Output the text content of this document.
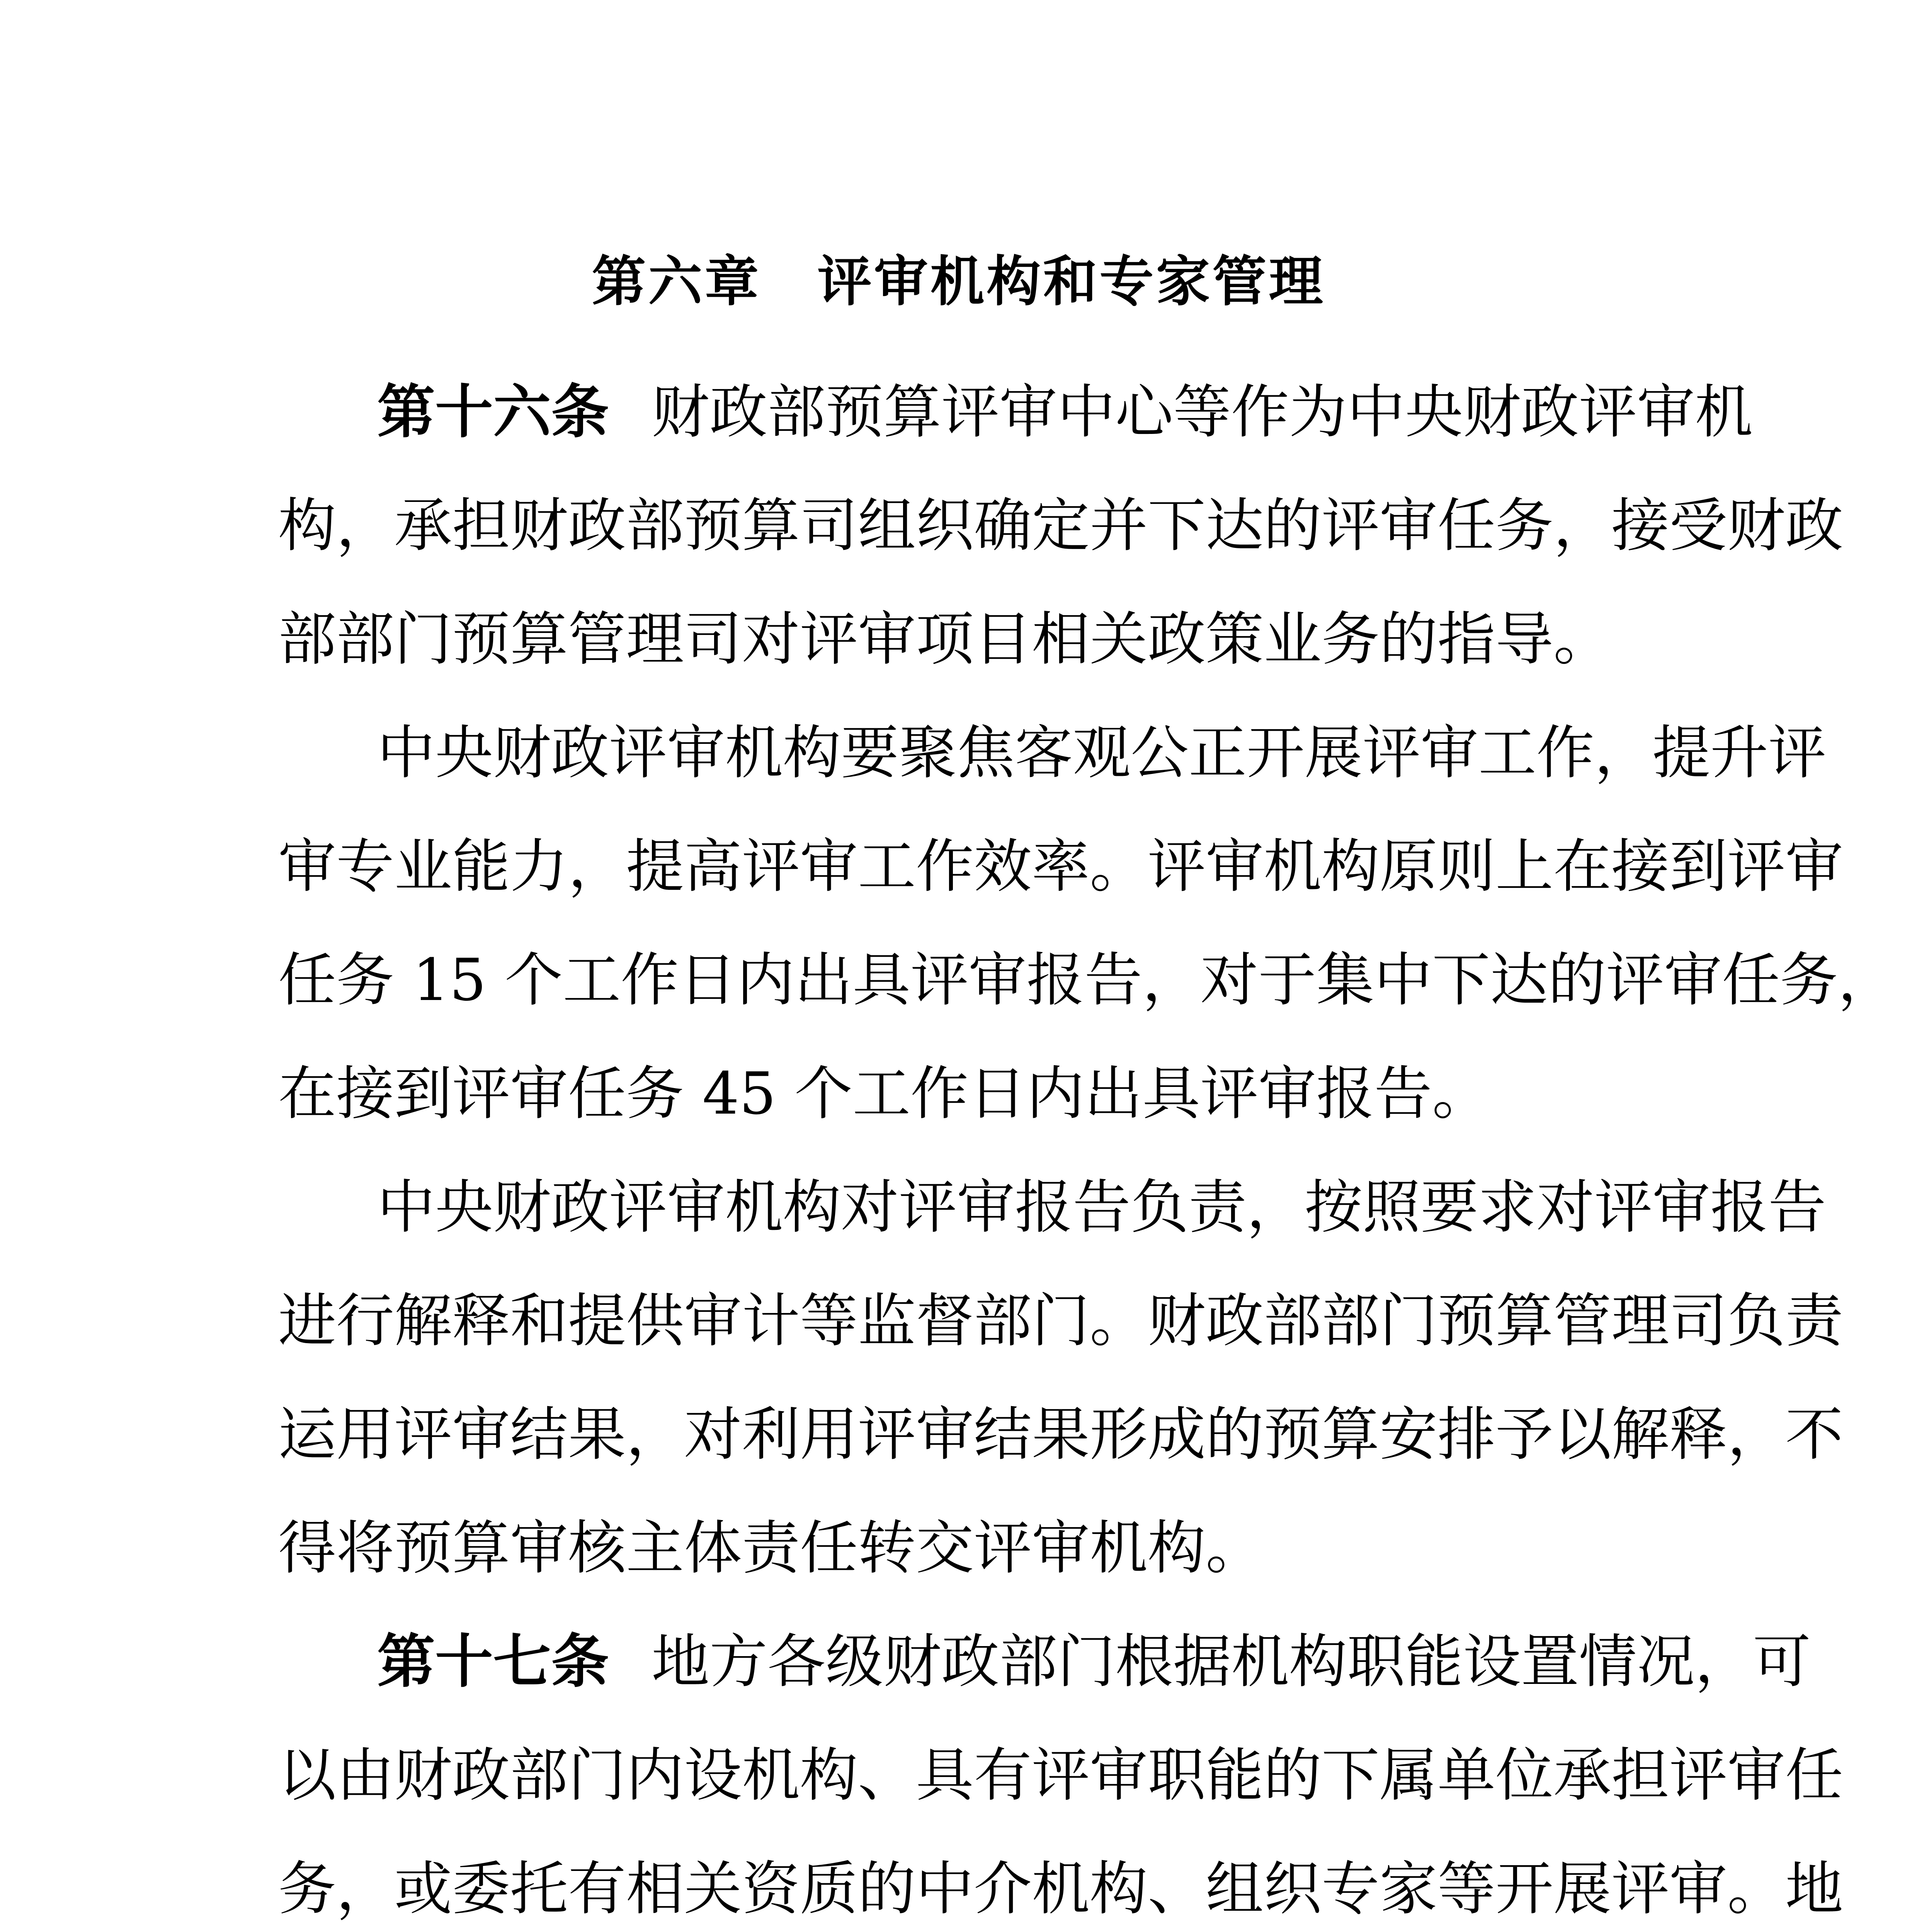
第六章　评审机构和专家管理
第十六条 财政部预算评审中心等作为中央财政评审机
构，承担财政部预算司组织确定并下达的评审任务，接受财政
部部门预算管理司对评审项目相关政策业务的指导。
中央财政评审机构要聚焦客观公正开展评审工作，提升评
审专业能力，提高评审工作效率。评审机构原则上在接到评审
任务 15 个工作日内出具评审报告，对于集中下达的评审任务，
在接到评审任务 45 个工作日内出具评审报告。
中央财政评审机构对评审报告负责，按照要求对评审报告
进行解释和提供审计等监督部门。财政部部门预算管理司负责
运用评审结果，对利用评审结果形成的预算安排予以解释，不
得将预算审核主体责任转交评审机构。
第十七条 地方各级财政部门根据机构职能设置情况，可
以由财政部门内设机构、具有评审职能的下属单位承担评审任
务，或委托有相关资质的中介机构、组织专家等开展评审。地
